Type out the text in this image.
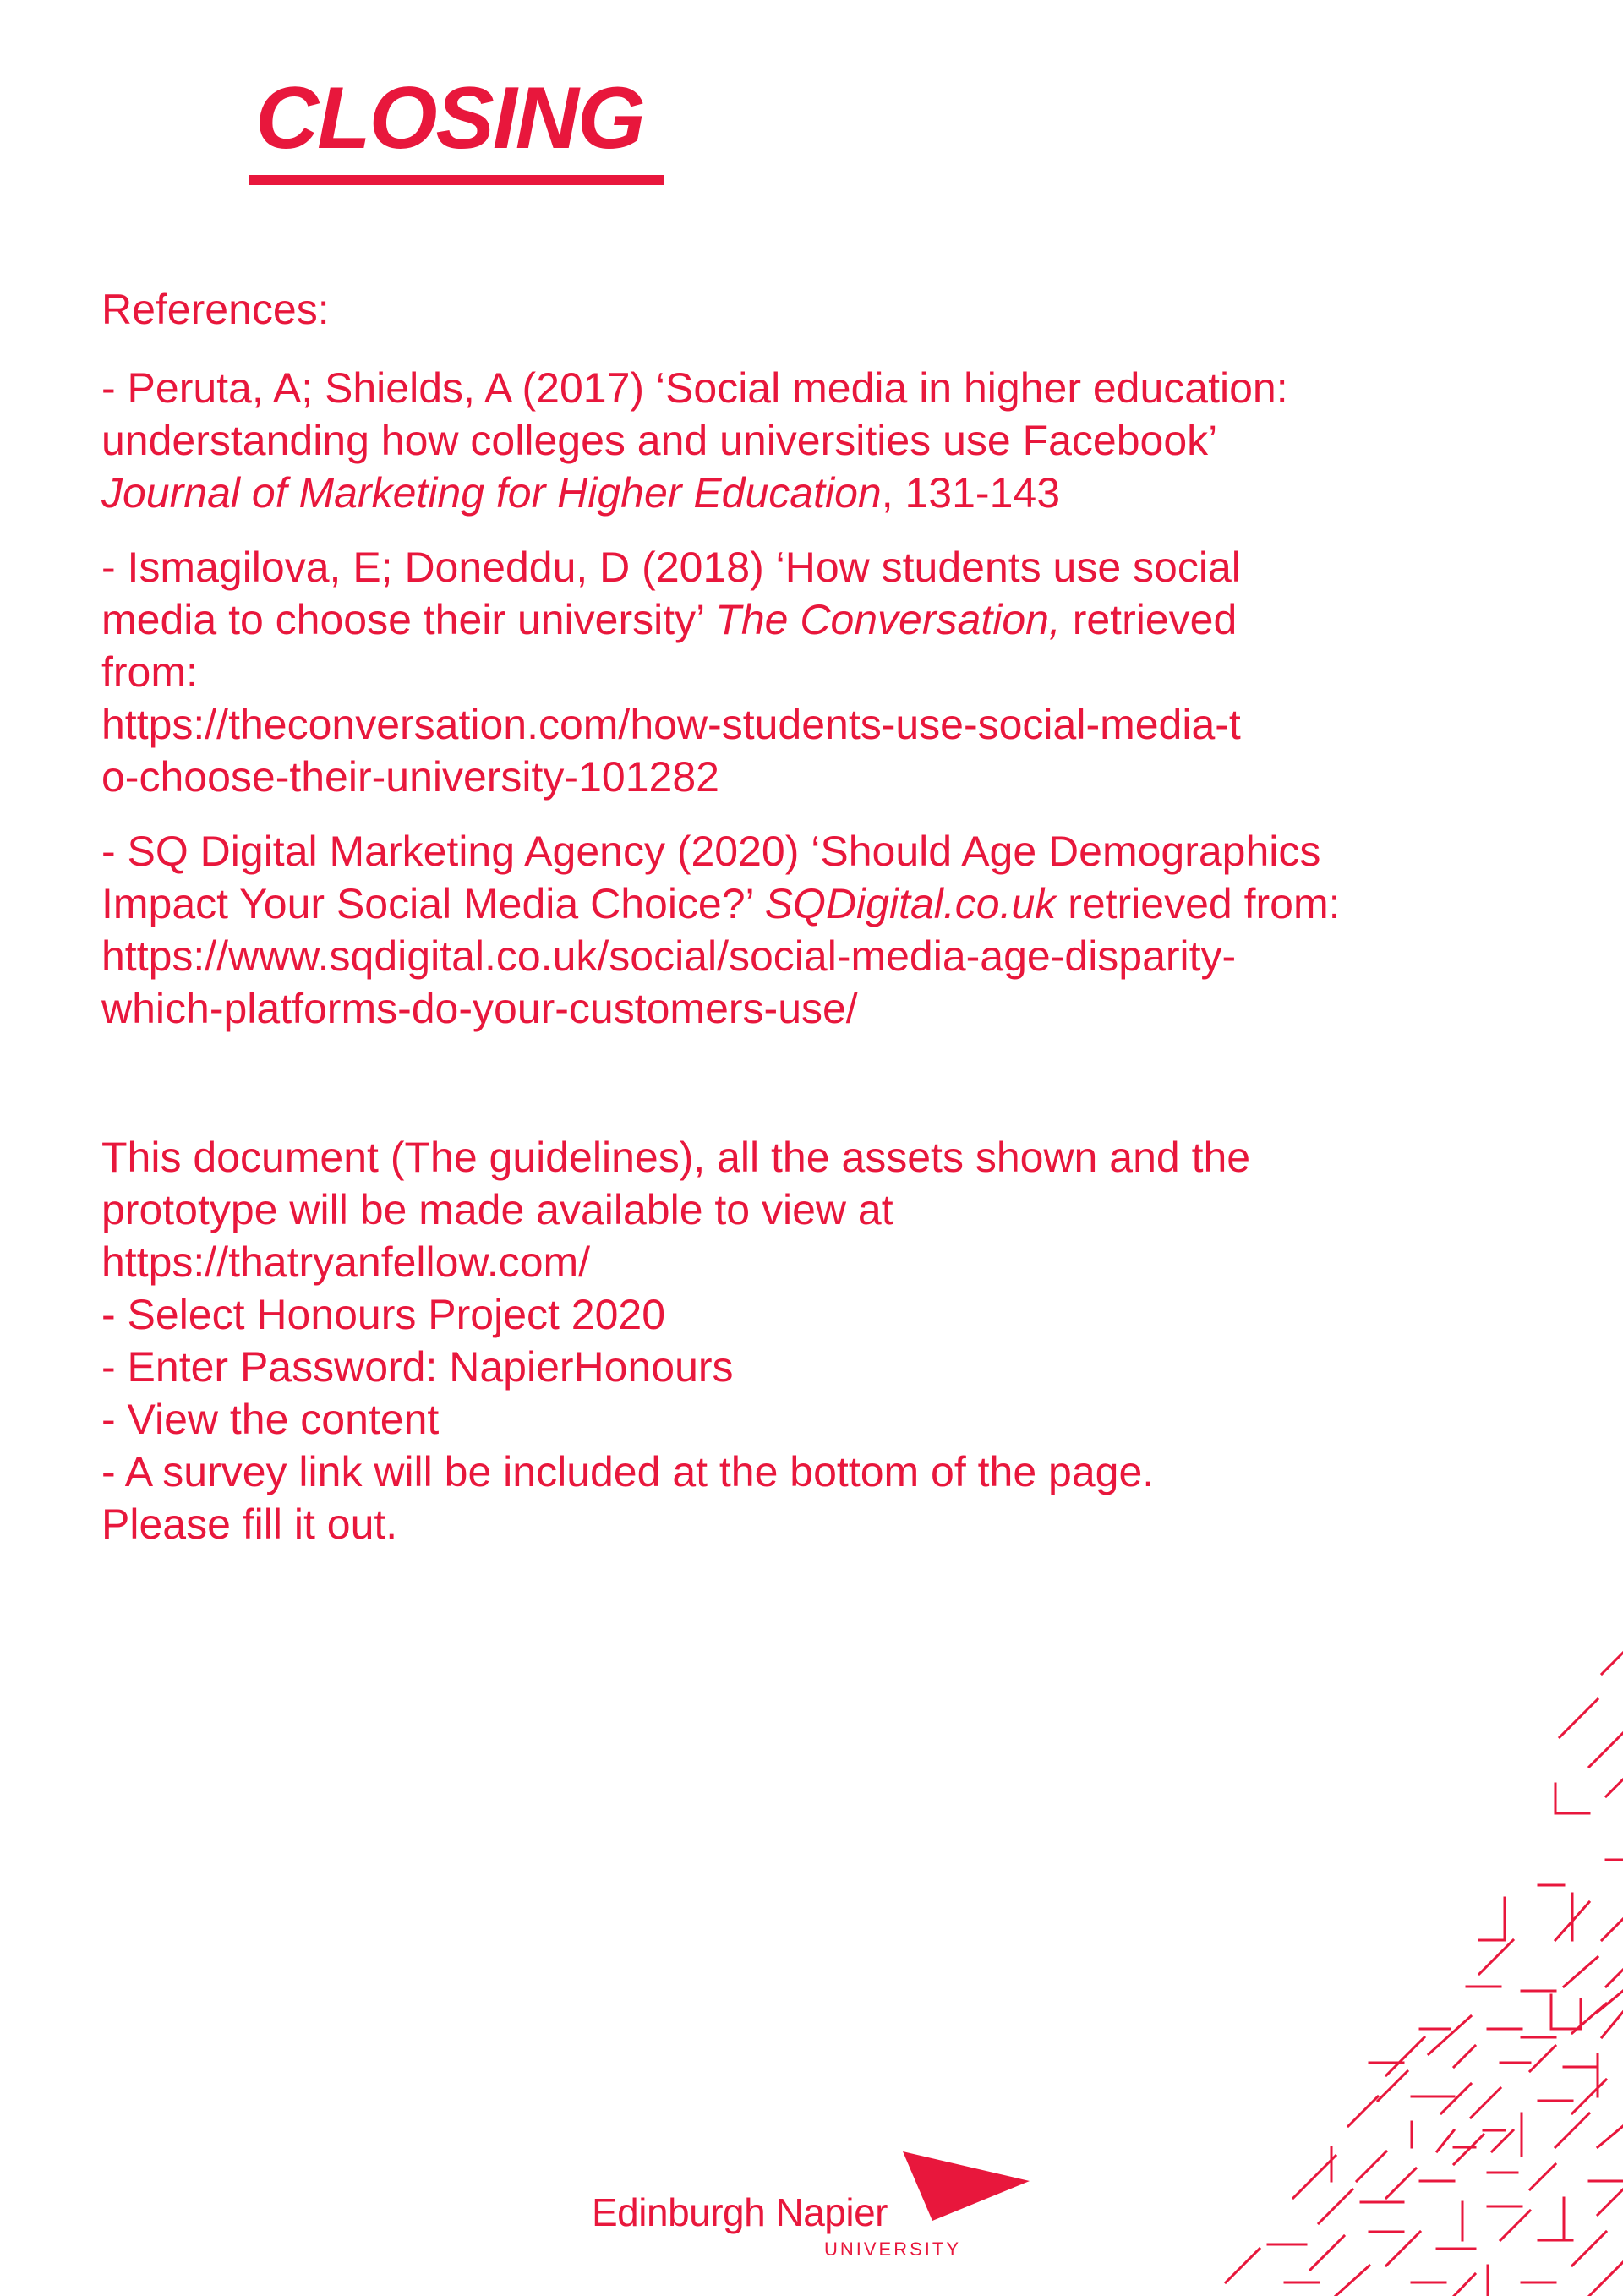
CLOSING
References:
- Peruta, A; Shields, A (2017) ‘Social media in higher education:
understanding how colleges and universities use Facebook’
Journal of Marketing for Higher Education, 131-143
- Ismagilova, E; Doneddu, D (2018) ‘How students use social
media to choose their university’ The Conversation, retrieved
from:
https://theconversation.com/how-students-use-social-media-t
o-choose-their-university-101282
- SQ Digital Marketing Agency (2020) ‘Should Age Demographics
Impact Your Social Media Choice?’ SQDigital.co.uk retrieved from:
https://www.sqdigital.co.uk/social/social-media-age-disparity-
which-platforms-do-your-customers-use/
This document (The guidelines), all the assets shown and the
prototype will be made available to view at
https://thatryanfellow.com/
- Select Honours Project 2020
- Enter Password: NapierHonours
- View the content
- A survey link will be included at the bottom of the page.
Please fill it out.
Edinburgh Napier
UNIVERSITY
